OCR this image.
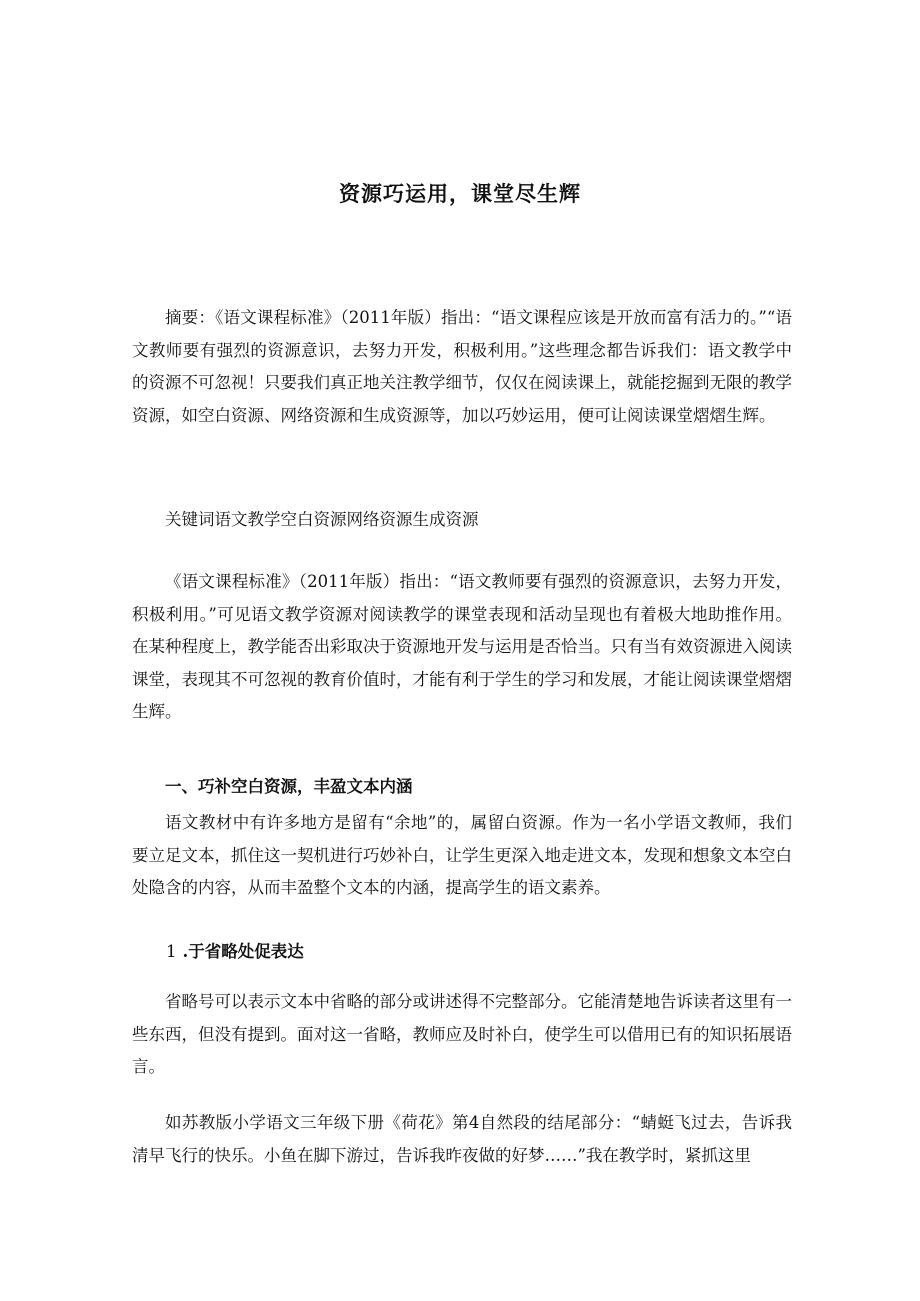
资源巧运用，课堂尽生辉

摘要：《语文课程标准》（2011年版）指出：“语文课程应该是开放而富有活力的。”“语文教师要有强烈的资源意识，去努力开发，积极利用。”这些理念都告诉我们：语文教学中的资源不可忽视！只要我们真正地关注教学细节，仅仅在阅读课上，就能挖掘到无限的教学资源，如空白资源、网络资源和生成资源等，加以巧妙运用，便可让阅读课堂熠熠生辉。

关键词语文教学空白资源网络资源生成资源

《语文课程标准》（2011年版）指出：“语文教师要有强烈的资源意识，去努力开发，积极利用。”可见语文教学资源对阅读教学的课堂表现和活动呈现也有着极大地助推作用。在某种程度上，教学能否出彩取决于资源地开发与运用是否恰当。只有当有效资源进入阅读课堂，表现其不可忽视的教育价值时，才能有利于学生的学习和发展，才能让阅读课堂熠熠生辉。

一、巧补空白资源，丰盈文本内涵

语文教材中有许多地方是留有“余地”的，属留白资源。作为一名小学语文教师，我们要立足文本，抓住这一契机进行巧妙补白，让学生更深入地走进文本，发现和想象文本空白处隐含的内容，从而丰盈整个文本的内涵，提高学生的语文素养。

1 .于省略处促表达

省略号可以表示文本中省略的部分或讲述得不完整部分。它能清楚地告诉读者这里有一些东西，但没有提到。面对这一省略，教师应及时补白，使学生可以借用已有的知识拓展语言。

如苏教版小学语文三年级下册《荷花》第4自然段的结尾部分：“蜻蜓飞过去，告诉我清早飞行的快乐。小鱼在脚下游过，告诉我昨夜做的好梦……”我在教学时，紧抓这里
